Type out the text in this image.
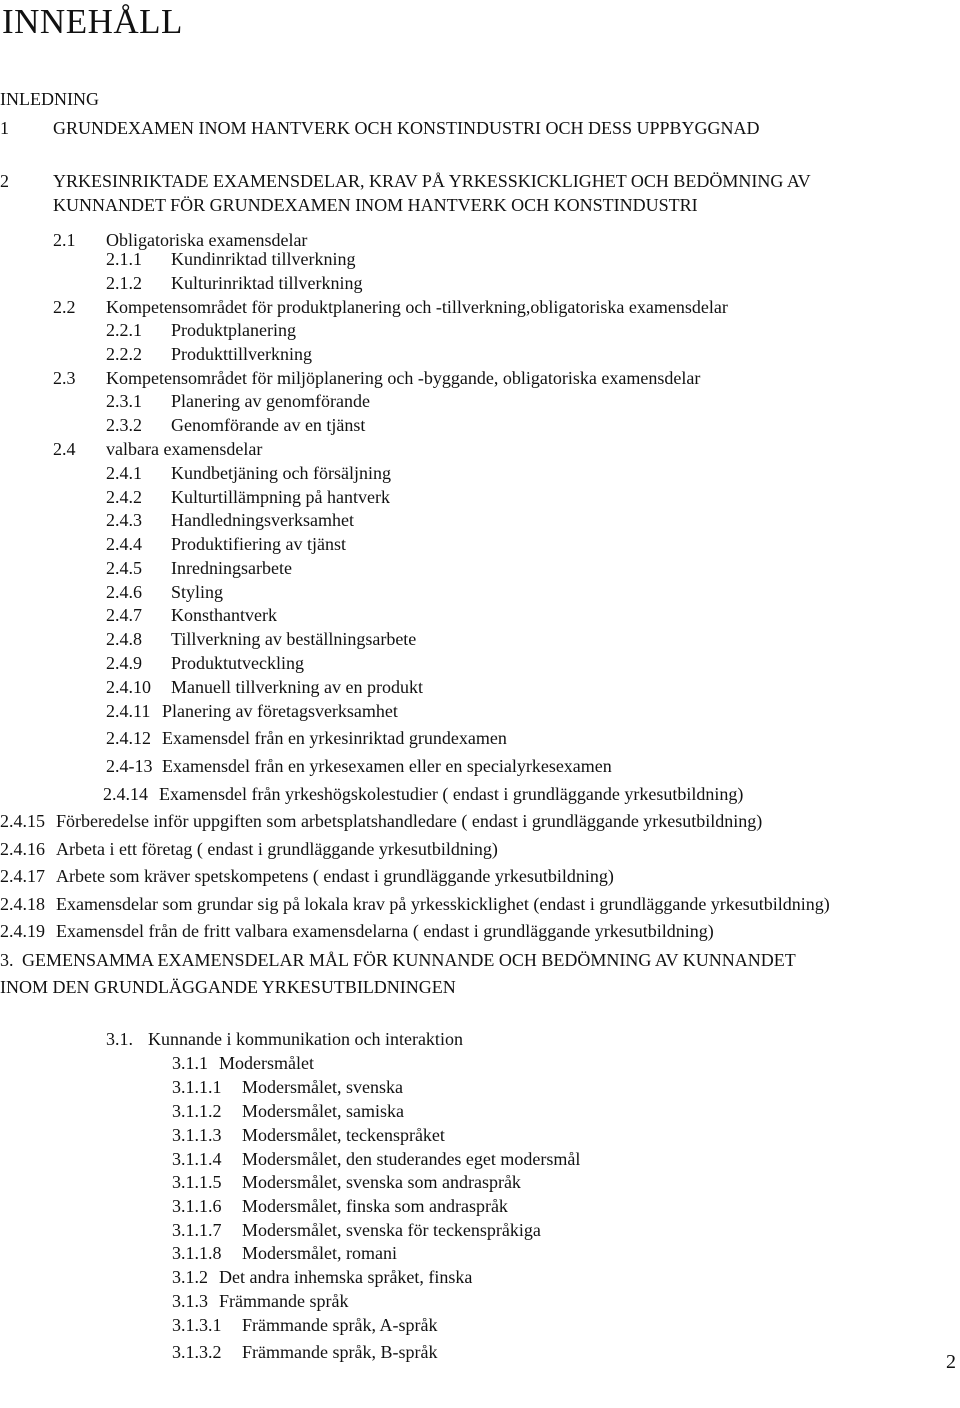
INNEHÅLL
INLEDNING
1 GRUNDEXAMEN INOM HANTVERK OCH KONSTINDUSTRI OCH DESS UPPBYGGNAD
2 YRKESINRIKTADE EXAMENSDELAR, KRAV PÅ YRKESSKICKLIGHET OCH BEDÖMNING AV
KUNNANDET FÖR GRUNDEXAMEN INOM HANTVERK OCH KONSTINDUSTRI
2.1 Obligatoriska examensdelar
2.1.1 Kundinriktad tillverkning
2.1.2 Kulturinriktad tillverkning
2.2 Kompetensområdet för produktplanering och -tillverkning,obligatoriska examensdelar
2.2.1 Produktplanering
2.2.2 Produkttillverkning
2.3 Kompetensområdet för miljöplanering och -byggande, obligatoriska examensdelar
2.3.1 Planering av genomförande
2.3.2 Genomförande av en tjänst
2.4 valbara examensdelar
2.4.1 Kundbetjäning och försäljning
2.4.2 Kulturtillämpning på hantverk
2.4.3 Handledningsverksamhet
2.4.4 Produktifiering av tjänst
2.4.5 Inredningsarbete
2.4.6 Styling
2.4.7 Konsthantverk
2.4.8 Tillverkning av beställningsarbete
2.4.9 Produktutveckling
2.4.10 Manuell tillverkning av en produkt
2.4.11 Planering av företagsverksamhet
2.4.12 Examensdel från en yrkesinriktad grundexamen
2.4-13 Examensdel från en yrkesexamen eller en specialyrkesexamen
2.4.14 Examensdel från yrkeshögskolestudier ( endast i grundläggande yrkesutbildning)
2.4.15 Förberedelse inför uppgiften som arbetsplatshandledare ( endast i grundläggande yrkesutbildning)
2.4.16 Arbeta i ett företag ( endast i grundläggande yrkesutbildning)
2.4.17 Arbete som kräver spetskompetens ( endast i grundläggande yrkesutbildning)
2.4.18 Examensdelar som grundar sig på lokala krav på yrkesskicklighet (endast i grundläggande yrkesutbildning)
2.4.19 Examensdel från de fritt valbara examensdelarna ( endast i grundläggande yrkesutbildning)
3. GEMENSAMMA EXAMENSDELAR MÅL FÖR KUNNANDE OCH BEDÖMNING AV KUNNANDET
INOM DEN GRUNDLÄGGANDE YRKESUTBILDNINGEN
3.1. Kunnande i kommunikation och interaktion
3.1.1 Modersmålet
3.1.1.1 Modersmålet, svenska
3.1.1.2 Modersmålet, samiska
3.1.1.3 Modersmålet, teckenspråket
3.1.1.4 Modersmålet, den studerandes eget modersmål
3.1.1.5 Modersmålet, svenska som andraspråk
3.1.1.6 Modersmålet, finska som andraspråk
3.1.1.7 Modersmålet, svenska för teckenspråkiga
3.1.1.8 Modersmålet, romani
3.1.2 Det andra inhemska språket, finska
3.1.3 Främmande språk
3.1.3.1 Främmande språk, A-språk
3.1.3.2 Främmande språk, B-språk	2
